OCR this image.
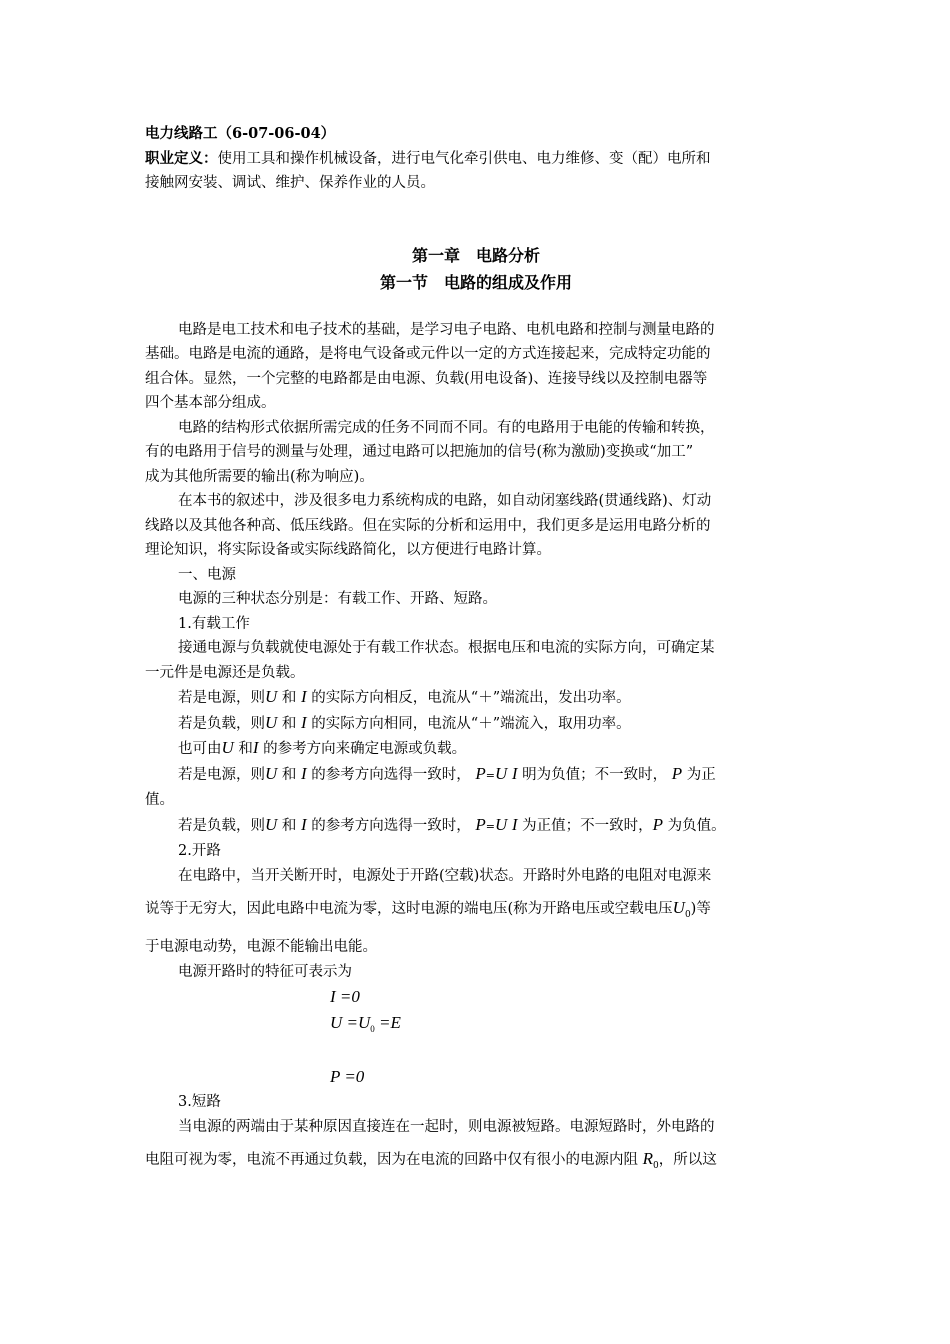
电力线路工（6-07-06-04）
职业定义：使用工具和操作机械设备，进行电气化牵引供电、电力维修、变（配）电所和
接触网安装、调试、维护、保养作业的人员。
第一章　电路分析
第一节　电路的组成及作用
电路是电工技术和电子技术的基础，是学习电子电路、电机电路和控制与测量电路的
基础。电路是电流的通路，是将电气设备或元件以一定的方式连接起来，完成特定功能的
组合体。显然，一个完整的电路都是由电源、负载(用电设备)、连接导线以及控制电器等
四个基本部分组成。
电路的结构形式依据所需完成的任务不同而不同。有的电路用于电能的传输和转换，
有的电路用于信号的测量与处理，通过电路可以把施加的信号(称为激励)变换或“加工”
成为其他所需要的输出(称为响应)。
在本书的叙述中，涉及很多电力系统构成的电路，如自动闭塞线路(贯通线路)、灯动
线路以及其他各种高、低压线路。但在实际的分析和运用中，我们更多是运用电路分析的
理论知识，将实际设备或实际线路简化，以方便进行电路计算。
一、电源
电源的三种状态分别是：有载工作、开路、短路。
1.有载工作
接通电源与负载就使电源处于有载工作状态。根据电压和电流的实际方向，可确定某
一元件是电源还是负载。
若是电源，则U 和 I 的实际方向相反，电流从“＋”端流出，发出功率。
若是负载，则U 和 I 的实际方向相同，电流从“＋”端流入，取用功率。
也可由U 和I 的参考方向来确定电源或负载。
若是电源，则U 和 I 的参考方向选得一致时， P=U I 明为负值；不一致时， P 为正
值。
若是负载，则U 和 I 的参考方向选得一致时， P=U I 为正值；不一致时，P 为负值。
2.开路
在电路中，当开关断开时，电源处于开路(空载)状态。开路时外电路的电阻对电源来
说等于无穷大，因此电路中电流为零，这时电源的端电压(称为开路电压或空载电压$U_0$)等
于电源电动势，电源不能输出电能。
电源开路时的特征可表示为
I =0
$U =U_0 =E$
P =0
3.短路
当电源的两端由于某种原因直接连在一起时，则电源被短路。电源短路时，外电路的
电阻可视为零，电流不再通过负载，因为在电流的回路中仅有很小的电源内阻 $R_0$，所以这
